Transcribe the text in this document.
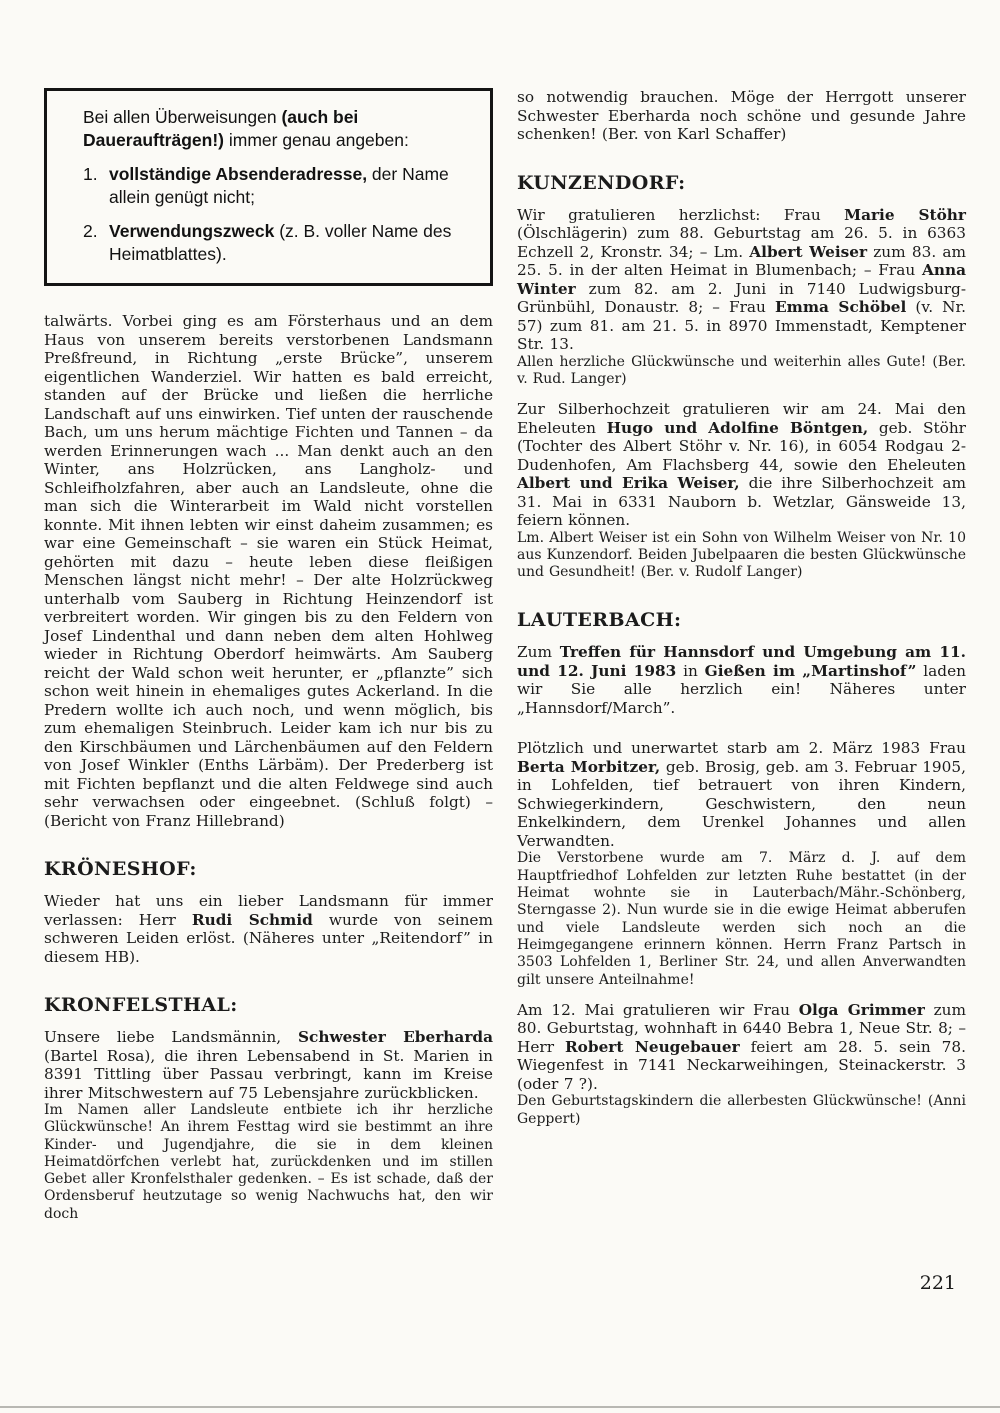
Bei allen Überweisungen (auch bei Daueraufträgen!) immer genau angeben:

1. vollständige Absenderadresse, der Name allein genügt nicht;
2. Verwendungszweck (z. B. voller Name des Heimatblattes).

talwärts. Vorbei ging es am Försterhaus und an dem Haus von unserem bereits verstorbenen Landsmann Preßfreund, in Richtung „erste Brücke”, unserem eigentlichen Wanderziel. Wir hatten es bald erreicht, standen auf der Brücke und ließen die herrliche Landschaft auf uns einwirken. Tief unten der rauschende Bach, um uns herum mächtige Fichten und Tannen – da werden Erinnerungen wach ... Man denkt auch an den Winter, ans Holzrücken, ans Langholz- und Schleifholzfahren, aber auch an Landsleute, ohne die man sich die Winterarbeit im Wald nicht vorstellen konnte. Mit ihnen lebten wir einst daheim zusammen; es war eine Gemeinschaft – sie waren ein Stück Heimat, gehörten mit dazu – heute leben diese fleißigen Menschen längst nicht mehr! – Der alte Holzrückweg unterhalb vom Sauberg in Richtung Heinzendorf ist verbreitert worden. Wir gingen bis zu den Feldern von Josef Lindenthal und dann neben dem alten Hohlweg wieder in Richtung Oberdorf heimwärts. Am Sauberg reicht der Wald schon weit herunter, er „pflanzte” sich schon weit hinein in ehemaliges gutes Ackerland. In die Predern wollte ich auch noch, und wenn möglich, bis zum ehemaligen Steinbruch. Leider kam ich nur bis zu den Kirschbäumen und Lärchenbäumen auf den Feldern von Josef Winkler (Enths Lärbäm). Der Prederberg ist mit Fichten bepflanzt und die alten Feldwege sind auch sehr verwachsen oder eingeebnet. (Schluß folgt) – (Bericht von Franz Hillebrand)

KRÖNESHOF:

Wieder hat uns ein lieber Landsmann für immer verlassen: Herr Rudi Schmid wurde von seinem schweren Leiden erlöst. (Näheres unter „Reitendorf” in diesem HB).

KRONFELSTHAL:

Unsere liebe Landsmännin, Schwester Eberharda (Bartel Rosa), die ihren Lebensabend in St. Marien in 8391 Tittling über Passau verbringt, kann im Kreise ihrer Mitschwestern auf 75 Lebensjahre zurückblicken.

Im Namen aller Landsleute entbiete ich ihr herzliche Glückwünsche! An ihrem Festtag wird sie bestimmt an ihre Kinder- und Jugendjahre, die sie in dem kleinen Heimatdörfchen verlebt hat, zurückdenken und im stillen Gebet aller Kronfelsthaler gedenken. – Es ist schade, daß der Ordensberuf heutzutage so wenig Nachwuchs hat, den wir doch

so notwendig brauchen. Möge der Herrgott unserer Schwester Eberharda noch schöne und gesunde Jahre schenken! (Ber. von Karl Schaffer)

KUNZENDORF:

Wir gratulieren herzlichst: Frau Marie Stöhr (Ölschlägerin) zum 88. Geburtstag am 26. 5. in 6363 Echzell 2, Kronstr. 34; – Lm. Albert Weiser zum 83. am 25. 5. in der alten Heimat in Blumenbach; – Frau Anna Winter zum 82. am 2. Juni in 7140 Ludwigsburg-Grünbühl, Donaustr. 8; – Frau Emma Schöbel (v. Nr. 57) zum 81. am 21. 5. in 8970 Immenstadt, Kemptener Str. 13.

Allen herzliche Glückwünsche und weiterhin alles Gute! (Ber. v. Rud. Langer)

Zur Silberhochzeit gratulieren wir am 24. Mai den Eheleuten Hugo und Adolfine Böntgen, geb. Stöhr (Tochter des Albert Stöhr v. Nr. 16), in 6054 Rodgau 2-Dudenhofen, Am Flachsberg 44, sowie den Eheleuten Albert und Erika Weiser, die ihre Silberhochzeit am 31. Mai in 6331 Nauborn b. Wetzlar, Gänsweide 13, feiern können.

Lm. Albert Weiser ist ein Sohn von Wilhelm Weiser von Nr. 10 aus Kunzendorf. Beiden Jubelpaaren die besten Glückwünsche und Gesundheit! (Ber. v. Rudolf Langer)

LAUTERBACH:

Zum Treffen für Hannsdorf und Umgebung am 11. und 12. Juni 1983 in Gießen im „Martinshof” laden wir Sie alle herzlich ein! Näheres unter „Hannsdorf/March”.

Plötzlich und unerwartet starb am 2. März 1983 Frau Berta Morbitzer, geb. Brosig, geb. am 3. Februar 1905, in Lohfelden, tief betrauert von ihren Kindern, Schwiegerkindern, Geschwistern, den neun Enkelkindern, dem Urenkel Johannes und allen Verwandten.

Die Verstorbene wurde am 7. März d. J. auf dem Hauptfriedhof Lohfelden zur letzten Ruhe bestattet (in der Heimat wohnte sie in Lauterbach/Mähr.-Schönberg, Sterngasse 2). Nun wurde sie in die ewige Heimat abberufen und viele Landsleute werden sich noch an die Heimgegangene erinnern können. Herrn Franz Partsch in 3503 Lohfelden 1, Berliner Str. 24, und allen Anverwandten gilt unsere Anteilnahme!

Am 12. Mai gratulieren wir Frau Olga Grimmer zum 80. Geburtstag, wohnhaft in 6440 Bebra 1, Neue Str. 8; – Herr Robert Neugebauer feiert am 28. 5. sein 78. Wiegenfest in 7141 Neckarweihingen, Steinackerstr. 3 (oder 7 ?).

Den Geburtstagskindern die allerbesten Glückwünsche! (Anni Geppert)

221
